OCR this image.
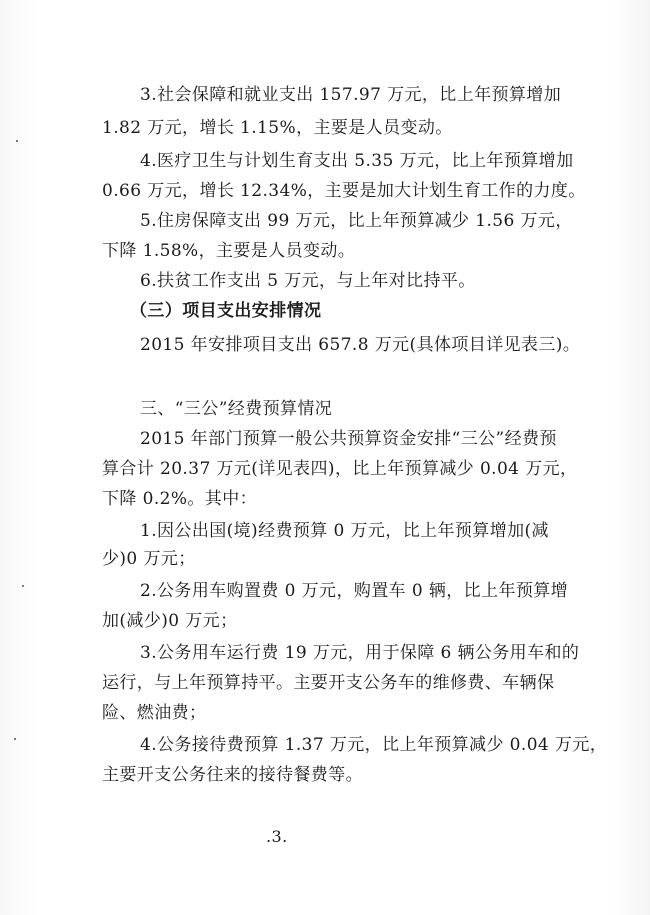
3.社会保障和就业支出 157.97 万元，比上年预算增加
1.82 万元，增长 1.15%，主要是人员变动。
4.医疗卫生与计划生育支出 5.35 万元，比上年预算增加
0.66 万元，增长 12.34%，主要是加大计划生育工作的力度。
5.住房保障支出 99 万元，比上年预算减少 1.56 万元，
下降 1.58%，主要是人员变动。
6.扶贫工作支出 5 万元，与上年对比持平。
（三）项目支出安排情况
2015 年安排项目支出 657.8 万元(具体项目详见表三)。
三、“三公”经费预算情况
2015 年部门预算一般公共预算资金安排“三公”经费预
算合计 20.37 万元(详见表四)，比上年预算减少 0.04 万元，
下降 0.2%。其中：
1.因公出国(境)经费预算 0 万元，比上年预算增加(减
少)0 万元；
2.公务用车购置费 0 万元，购置车 0 辆，比上年预算增
加(减少)0 万元；
3.公务用车运行费 19 万元，用于保障 6 辆公务用车和的
运行，与上年预算持平。主要开支公务车的维修费、车辆保
险、燃油费；
4.公务接待费预算 1.37 万元，比上年预算减少 0.04 万元，
主要开支公务往来的接待餐费等。
.3.
